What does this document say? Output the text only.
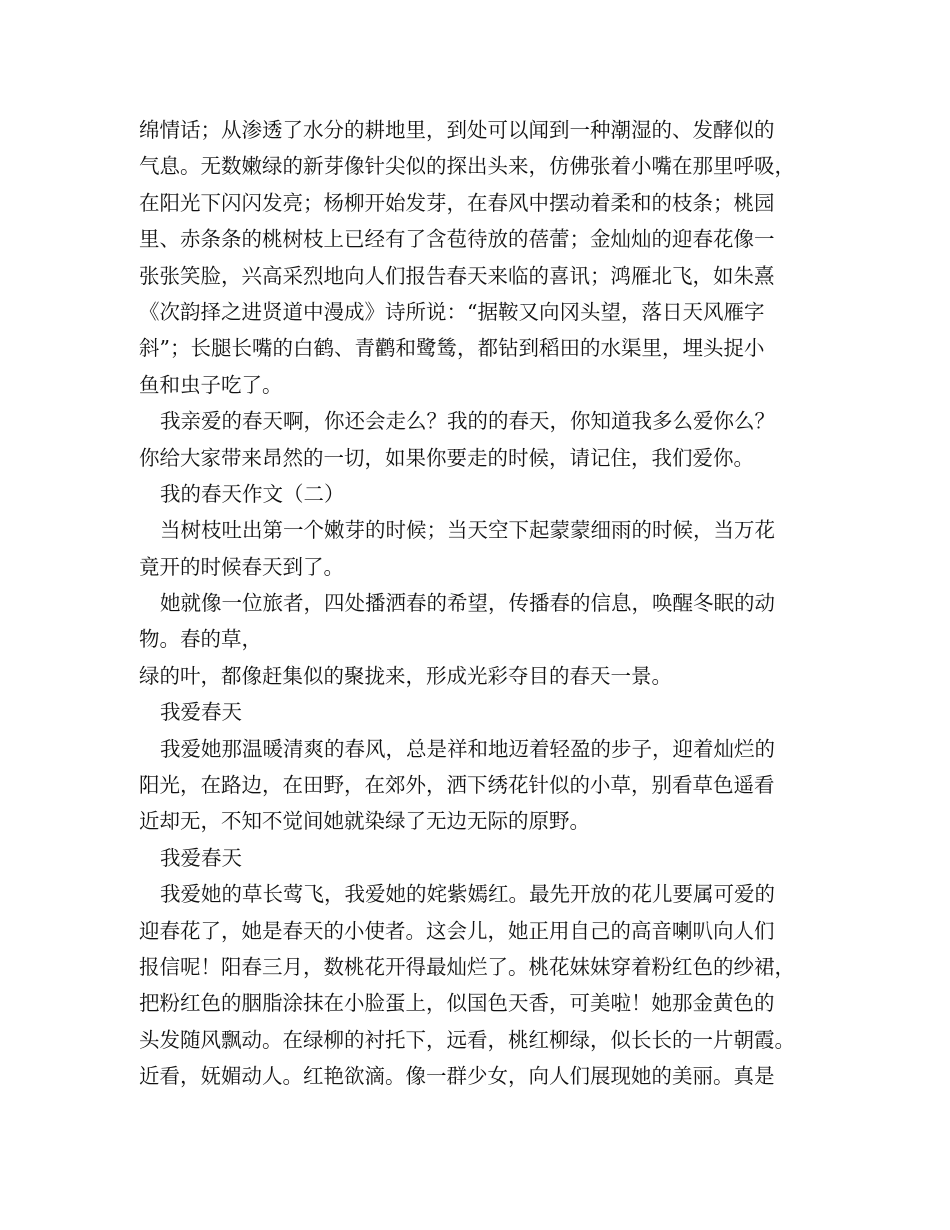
绵情话；从渗透了水分的耕地里，到处可以闻到一种潮湿的、发酵似的
气息。无数嫩绿的新芽像针尖似的探出头来，仿佛张着小嘴在那里呼吸，
在阳光下闪闪发亮；杨柳开始发芽，在春风中摆动着柔和的枝条；桃园
里、赤条条的桃树枝上已经有了含苞待放的蓓蕾；金灿灿的迎春花像一
张张笑脸，兴高采烈地向人们报告春天来临的喜讯；鸿雁北飞，如朱熹
《次韵择之进贤道中漫成》诗所说：“据鞍又向冈头望，落日天风雁字
斜”；长腿长嘴的白鹤、青鹳和鹭鸶，都钻到稻田的水渠里，埋头捉小
鱼和虫子吃了。
我亲爱的春天啊，你还会走么？我的的春天，你知道我多么爱你么？
你给大家带来昂然的一切，如果你要走的时候，请记住，我们爱你。
我的春天作文（二）
当树枝吐出第一个嫩芽的时候；当天空下起蒙蒙细雨的时候，当万花
竟开的时候春天到了。
她就像一位旅者，四处播洒春的希望，传播春的信息，唤醒冬眠的动
物。春的草，
绿的叶，都像赶集似的聚拢来，形成光彩夺目的春天一景。
我爱春天
我爱她那温暖清爽的春风，总是祥和地迈着轻盈的步子，迎着灿烂的
阳光，在路边，在田野，在郊外，洒下绣花针似的小草，别看草色遥看
近却无，不知不觉间她就染绿了无边无际的原野。
我爱春天
我爱她的草长莺飞，我爱她的姹紫嫣红。最先开放的花儿要属可爱的
迎春花了，她是春天的小使者。这会儿，她正用自己的高音喇叭向人们
报信呢！阳春三月，数桃花开得最灿烂了。桃花妹妹穿着粉红色的纱裙，
把粉红色的胭脂涂抹在小脸蛋上，似国色天香，可美啦！她那金黄色的
头发随风飘动。在绿柳的衬托下，远看，桃红柳绿，似长长的一片朝霞。
近看，妩媚动人。红艳欲滴。像一群少女，向人们展现她的美丽。真是
